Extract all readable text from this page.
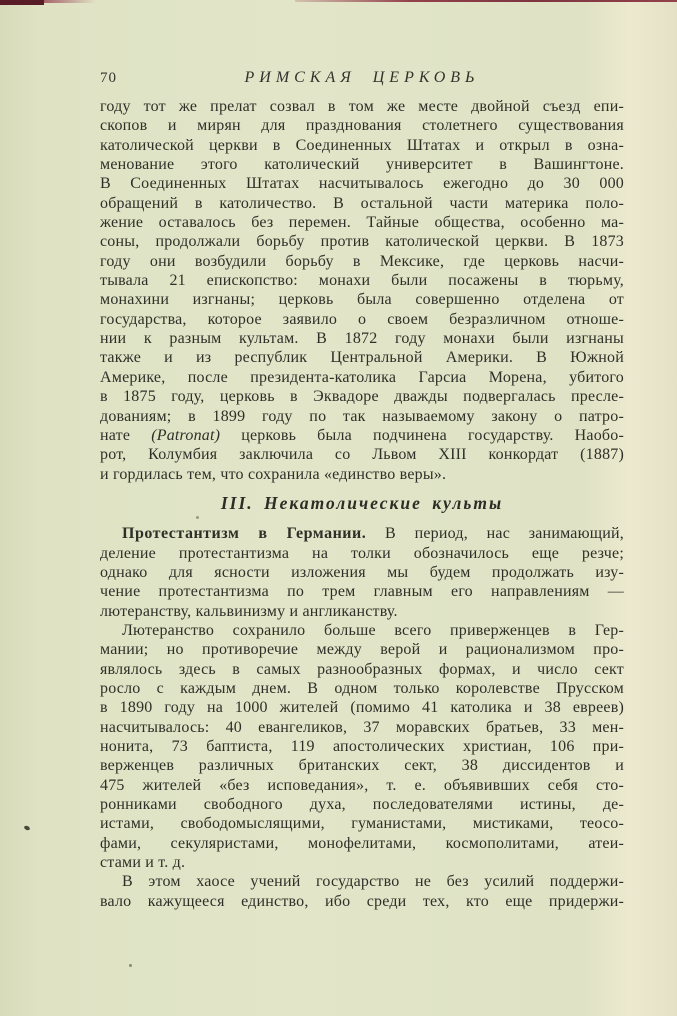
70	РИМСКАЯ ЦЕРКОВЬ
году тот же прелат созвал в том же месте двойной съезд епи-
скопов и мирян для празднования столетнего существования
католической церкви в Соединенных Штатах и открыл в озна-
менование этого католический университет в Вашингтоне.
В Соединенных Штатах насчитывалось ежегодно до 30 000
обращений в католичество. В остальной части материка поло-
жение оставалось без перемен. Тайные общества, особенно ма-
соны, продолжали борьбу против католической церкви. В 1873
году они возбудили борьбу в Мексике, где церковь насчи-
тывала 21 епископство: монахи были посажены в тюрьму,
монахини изгнаны; церковь была совершенно отделена от
государства, которое заявило о своем безразличном отноше-
нии к разным культам. В 1872 году монахи были изгнаны
также и из республик Центральной Америки. В Южной
Америке, после президента-католика Гарсиа Морена, убитого
в 1875 году, церковь в Эквадоре дважды подвергалась пресле-
дованиям; в 1899 году по так называемому закону о патро-
нате (Patronat) церковь была подчинена государству. Наобо-
рот, Колумбия заключила со Львом XIII конкордат (1887)
и гордилась тем, что сохранила «единство веры».
III. Некатолические культы
Протестантизм в Германии. В период, нас занимающий,
деление протестантизма на толки обозначилось еще резче;
однако для ясности изложения мы будем продолжать изу-
чение протестантизма по трем главным его направлениям —
лютеранству, кальвинизму и англиканству.
Лютеранство сохранило больше всего приверженцев в Гер-
мании; но противоречие между верой и рационализмом про-
являлось здесь в самых разнообразных формах, и число сект
росло с каждым днем. В одном только королевстве Прусском
в 1890 году на 1000 жителей (помимо 41 католика и 38 евреев)
насчитывалось: 40 евангеликов, 37 моравских братьев, 33 мен-
нонита, 73 баптиста, 119 апостолических христиан, 106 при-
верженцев различных британских сект, 38 диссидентов и
475 жителей «без исповедания», т. е. объявивших себя сто-
ронниками свободного духа, последователями истины, де-
истами, свободомыслящими, гуманистами, мистиками, теосо-
фами, секуляристами, монофелитами, космополитами, атеи-
стами и т. д.
В этом хаосе учений государство не без усилий поддержи-
вало кажущееся единство, ибо среди тех, кто еще придержи-
